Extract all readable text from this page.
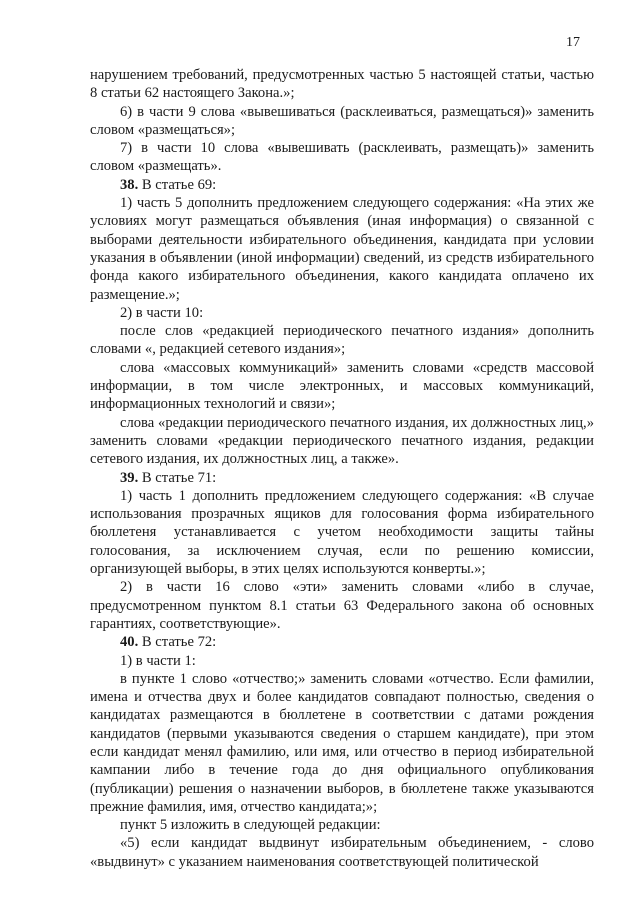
17

нарушением требований, предусмотренных частью 5 настоящей статьи, частью 8 статьи 62 настоящего Закона.»;

6) в части 9 слова «вывешиваться (расклеиваться, размещаться)» заменить словом «размещаться»;

7) в части 10 слова «вывешивать (расклеивать, размещать)» заменить словом «размещать».

38. В статье 69:

1) часть 5 дополнить предложением следующего содержания: «На этих же условиях могут размещаться объявления (иная информация) о связанной с выборами деятельности избирательного объединения, кандидата при условии указания в объявлении (иной информации) сведений, из средств избирательного фонда какого избирательного объединения, какого кандидата оплачено их размещение.»;

2) в части 10:

после слов «редакцией периодического печатного издания» дополнить словами «, редакцией сетевого издания»;

слова «массовых коммуникаций» заменить словами «средств массовой информации, в том числе электронных, и массовых коммуникаций, информационных технологий и связи»;

слова «редакции периодического печатного издания, их должностных лиц,» заменить словами «редакции периодического печатного издания, редакции сетевого издания, их должностных лиц, а также».

39. В статье 71:

1) часть 1 дополнить предложением следующего содержания: «В случае использования прозрачных ящиков для голосования форма избирательного бюллетеня устанавливается с учетом необходимости защиты тайны голосования, за исключением случая, если по решению комиссии, организующей выборы, в этих целях используются конверты.»;

2) в части 16 слово «эти» заменить словами «либо в случае, предусмотренном пунктом 8.1 статьи 63 Федерального закона об основных гарантиях, соответствующие».

40. В статье 72:

1) в части 1:

в пункте 1 слово «отчество;» заменить словами «отчество. Если фамилии, имена и отчества двух и более кандидатов совпадают полностью, сведения о кандидатах размещаются в бюллетене в соответствии с датами рождения кандидатов (первыми указываются сведения о старшем кандидате), при этом если кандидат менял фамилию, или имя, или отчество в период избирательной кампании либо в течение года до дня официального опубликования (публикации) решения о назначении выборов, в бюллетене также указываются прежние фамилия, имя, отчество кандидата;»;

пункт 5 изложить в следующей редакции:

«5) если кандидат выдвинут избирательным объединением, - слово «выдвинут» с указанием наименования соответствующей политической
